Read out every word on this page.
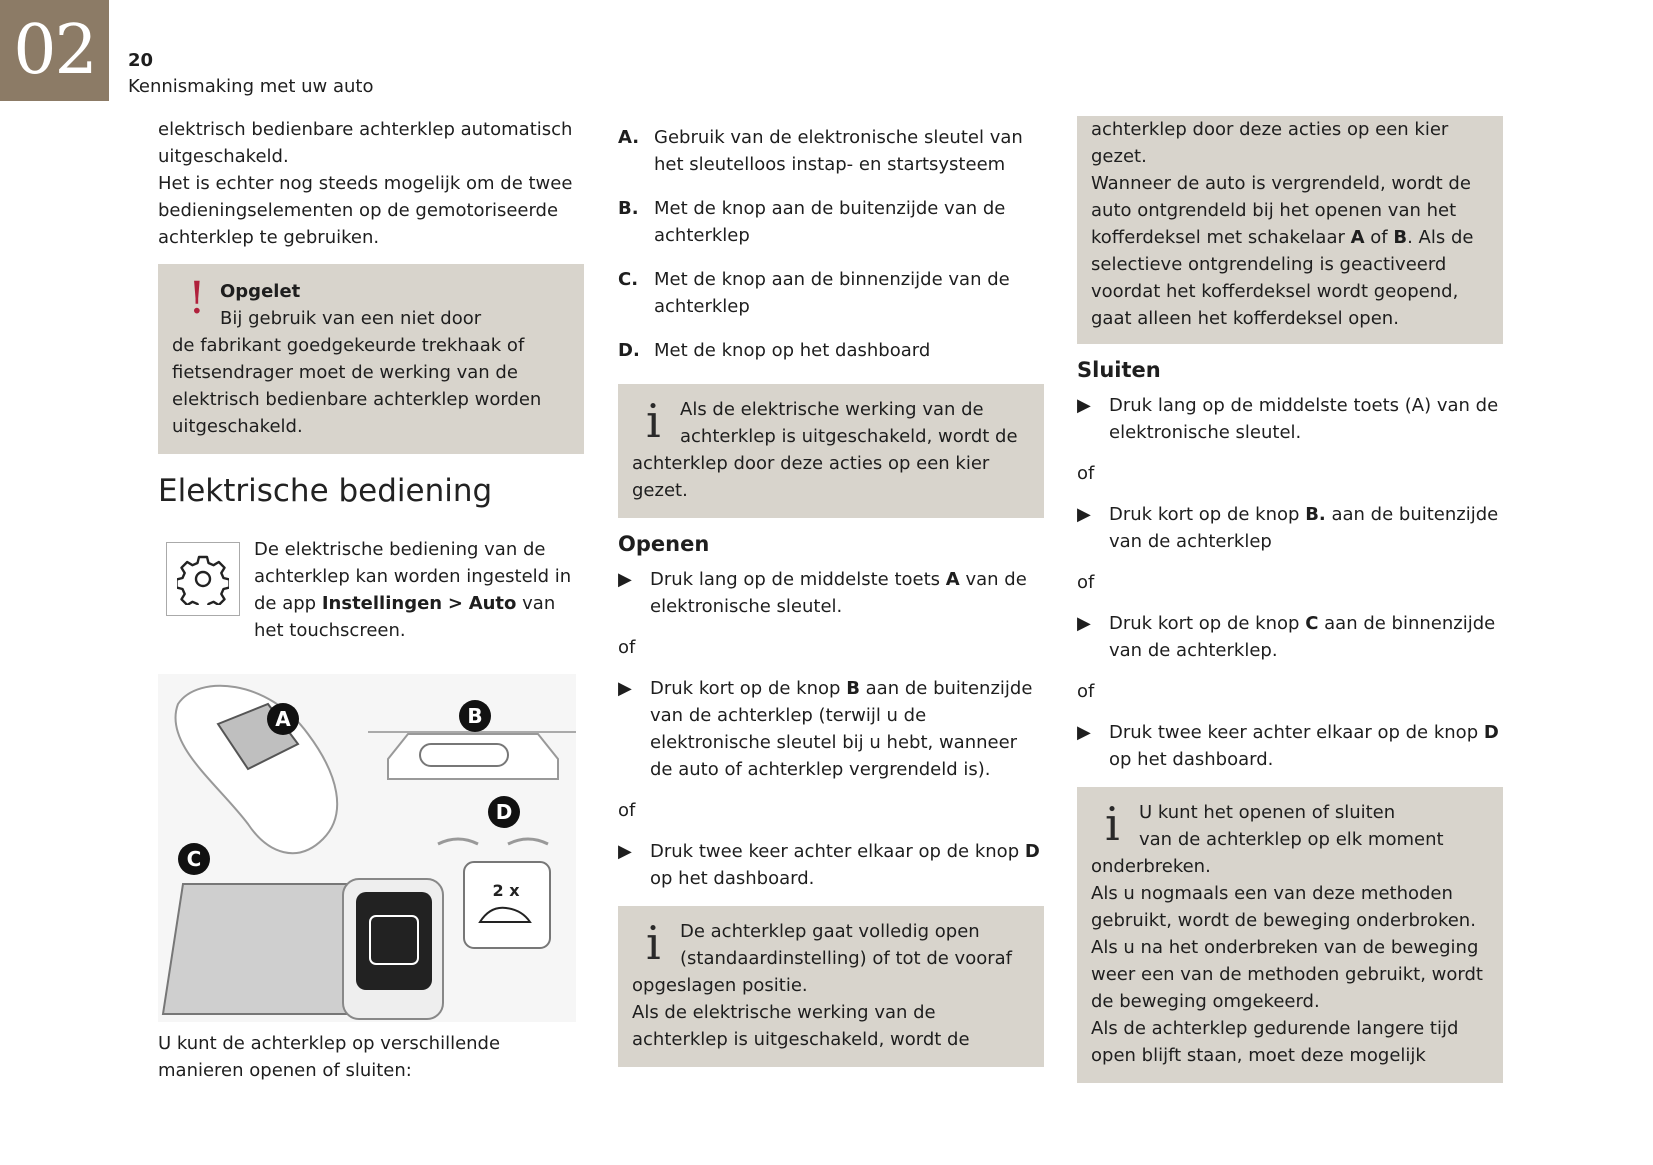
02	20
Kennismaking met uw auto

elektrisch bedienbare achterklep automatisch uitgeschakeld.

Het is echter nog steeds mogelijk om de twee bedieningselementen op de gemotoriseerde achterklep te gebruiken.

! Opgelet
Bij gebruik van een niet door
de fabrikant goedgekeurde trekhaak of fietsendrager moet de werking van de elektrisch bedienbare achterklep worden uitgeschakeld.
Elektrische bediening
De elektrische bediening van de achterklep kan worden ingesteld in de app Instellingen > Auto van het touchscreen.
A	B
D
2 x
C

U kunt de achterklep op verschillende manieren openen of sluiten:

A. Gebruik van de elektronische sleutel van het sleutelloos instap- en startsysteem
B. Met de knop aan de buitenzijde van de achterklep
C. Met de knop aan de binnenzijde van de achterklep
D. Met de knop op het dashboard
i	Als de elektrische werking van de
achterklep is uitgeschakeld, wordt de
achterklep door deze acties op een kier gezet.
Openen
▶	Druk lang op de middelste toets A van de elektronische sleutel.

of

▶	Druk kort op de knop B aan de buitenzijde van de achterklep (terwijl u de elektronische sleutel bij u hebt, wanneer de auto of achterklep vergrendeld is).

of

▶	Druk twee keer achter elkaar op de knop D op het dashboard.
i	De achterklep gaat volledig open
(standaardinstelling) of tot de vooraf
opgeslagen positie.
Als de elektrische werking van de achterklep is uitgeschakeld, wordt de

achterklep door deze acties op een kier gezet.

Wanneer de auto is vergrendeld, wordt de auto ontgrendeld bij het openen van het kofferdeksel met schakelaar A of B. Als de selectieve ontgrendeling is geactiveerd voordat het kofferdeksel wordt geopend, gaat alleen het kofferdeksel open.

Sluiten
▶	Druk lang op de middelste toets (A) van de elektronische sleutel.

of

▶	Druk kort op de knop B. aan de buitenzijde van de achterklep

of

▶	Druk kort op de knop C aan de binnenzijde van de achterklep.

of

▶	Druk twee keer achter elkaar op de knop D op het dashboard.
i	U kunt het openen of sluiten
van de achterklep op elk moment
onderbreken.
Als u nogmaals een van deze methoden gebruikt, wordt de beweging onderbroken.
Als u na het onderbreken van de beweging weer een van de methoden gebruikt, wordt de beweging omgekeerd.
Als de achterklep gedurende langere tijd open blijft staan, moet deze mogelijk
